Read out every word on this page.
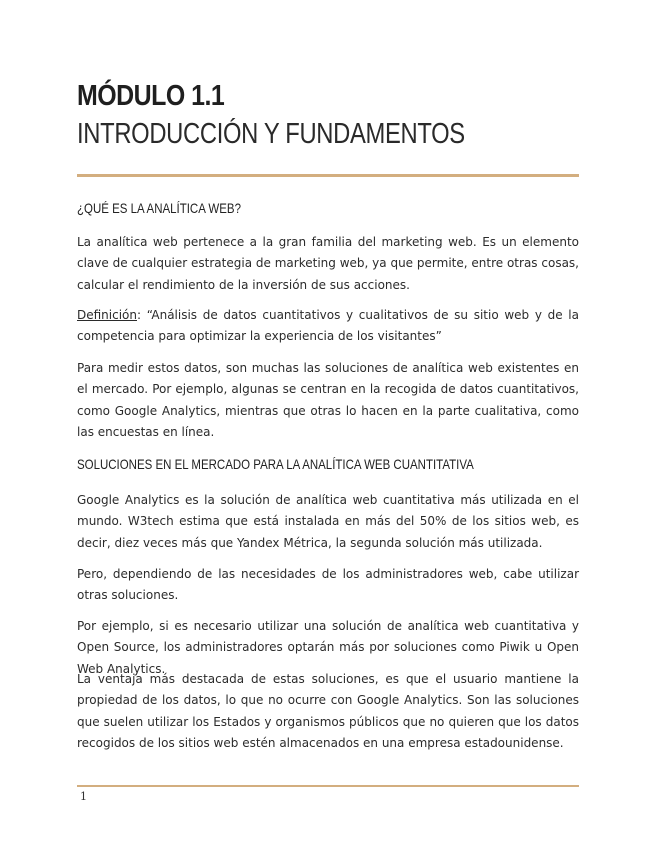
MÓDULO 1.1
INTRODUCCIÓN Y FUNDAMENTOS
¿QUÉ ES LA ANALÍTICA WEB?
La analítica web pertenece a la gran familia del marketing web. Es un elemento clave de cualquier estrategia de marketing web, ya que permite, entre otras cosas, calcular el rendimiento de la inversión de sus acciones.
Definición: “Análisis de datos cuantitativos y cualitativos de su sitio web y de la competencia para optimizar la experiencia de los visitantes”
Para medir estos datos, son muchas las soluciones de analítica web existentes en el mercado. Por ejemplo, algunas se centran en la recogida de datos cuantitativos, como Google Analytics, mientras que otras lo hacen en la parte cualitativa, como las encuestas en línea.
SOLUCIONES EN EL MERCADO PARA LA ANALÍTICA WEB CUANTITATIVA
Google Analytics es la solución de analítica web cuantitativa más utilizada en el mundo. W3tech estima que está instalada en más del 50% de los sitios web, es decir, diez veces más que Yandex Métrica, la segunda solución más utilizada.
Pero, dependiendo de las necesidades de los administradores web, cabe utilizar otras soluciones.
Por ejemplo, si es necesario utilizar una solución de analítica web cuantitativa y Open Source, los administradores optarán más por soluciones como Piwik u Open Web Analytics.
La ventaja más destacada de estas soluciones, es que el usuario mantiene la propiedad de los datos, lo que no ocurre con Google Analytics. Son las soluciones que suelen utilizar los Estados y organismos públicos que no quieren que los datos recogidos de los sitios web estén almacenados en una empresa estadounidense.
1
